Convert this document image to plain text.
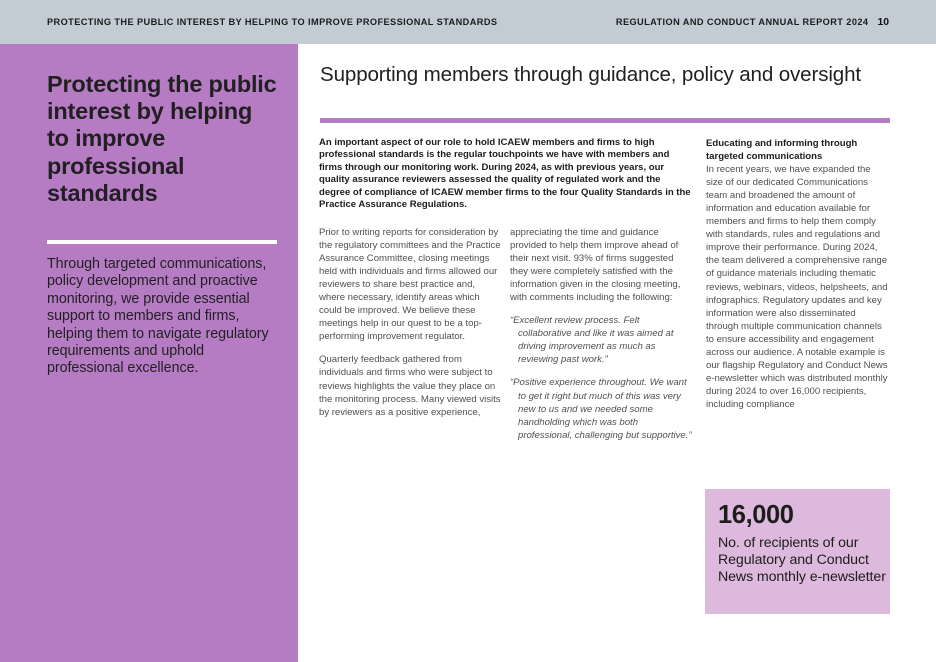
PROTECTING THE PUBLIC INTEREST BY HELPING TO IMPROVE PROFESSIONAL STANDARDS	REGULATION AND CONDUCT ANNUAL REPORT 2024 10
Protecting the public interest by helping to improve professional standards
Through targeted communications, policy development and proactive monitoring, we provide essential support to members and firms, helping them to navigate regulatory requirements and uphold professional excellence.
Supporting members through guidance, policy and oversight
An important aspect of our role to hold ICAEW members and firms to high professional standards is the regular touchpoints we have with members and firms through our monitoring work. During 2024, as with previous years, our quality assurance reviewers assessed the quality of regulated work and the degree of compliance of ICAEW member firms to the four Quality Standards in the Practice Assurance Regulations.

Prior to writing reports for consideration by the regulatory committees and the Practice Assurance Committee, closing meetings held with individuals and firms allowed our reviewers to share best practice and, where necessary, identify areas which could be improved. We believe these meetings help in our quest to be a top-performing improvement regulator.

Quarterly feedback gathered from individuals and firms who were subject to reviews highlights the value they place on the monitoring process. Many viewed visits by reviewers as a positive experience,

appreciating the time and guidance provided to help them improve ahead of their next visit. 93% of firms suggested they were completely satisfied with the information given in the closing meeting, with comments including the following:

“Excellent review process. Felt collaborative and like it was aimed at driving improvement as much as reviewing past work.”

“Positive experience throughout. We want to get it right but much of this was very new to us and we needed some handholding which was both professional, challenging but supportive.”

Educating and informing through targeted communications

In recent years, we have expanded the size of our dedicated Communications team and broadened the amount of information and education available for members and firms to help them comply with standards, rules and regulations and improve their performance. During 2024, the team delivered a comprehensive range of guidance materials including thematic reviews, webinars, videos, helpsheets, and infographics. Regulatory updates and key information were also disseminated through multiple communication channels to ensure accessibility and engagement across our audience. A notable example is our flagship Regulatory and Conduct News e-newsletter which was distributed monthly during 2024 to over 16,000 recipients, including compliance

16,000
No. of recipients of our Regulatory and Conduct News monthly e-newsletter
